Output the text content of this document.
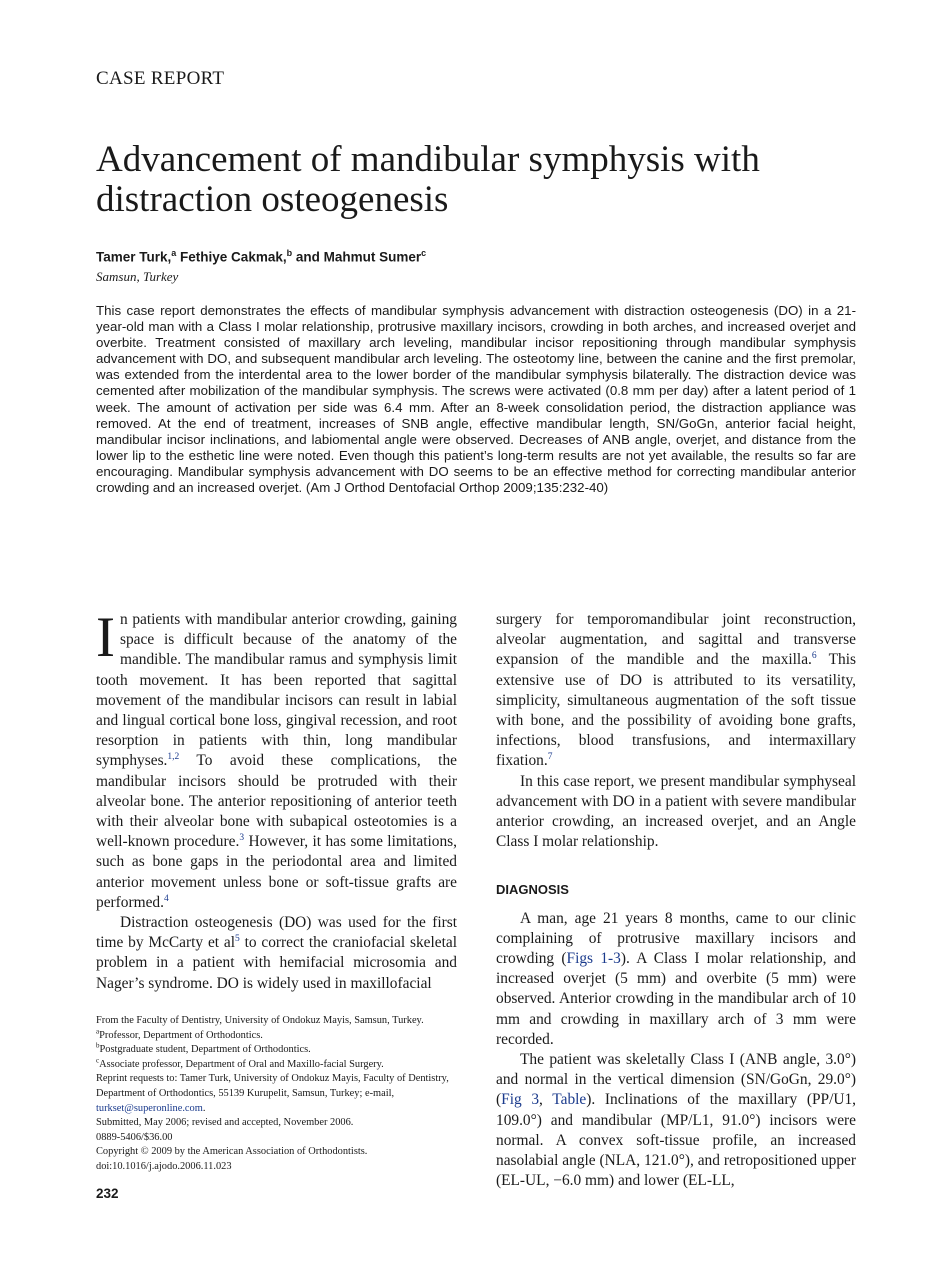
CASE REPORT
Advancement of mandibular symphysis with distraction osteogenesis
Tamer Turk,$^a$ Fethiye Cakmak,$^b$ and Mahmut Sumer$^c$
Samsun, Turkey

This case report demonstrates the effects of mandibular symphysis advancement with distraction osteogenesis (DO) in a 21-year-old man with a Class I molar relationship, protrusive maxillary incisors, crowding in both arches, and increased overjet and overbite. Treatment consisted of maxillary arch leveling, mandibular incisor repositioning through mandibular symphysis advancement with DO, and subsequent mandibular arch leveling. The osteotomy line, between the canine and the first premolar, was extended from the interdental area to the lower border of the mandibular symphysis bilaterally. The distraction device was cemented after mobilization of the mandibular symphysis. The screws were activated (0.8 mm per day) after a latent period of 1 week. The amount of activation per side was 6.4 mm. After an 8-week consolidation period, the distraction appliance was removed. At the end of treatment, increases of SNB angle, effective mandibular length, SN/GoGn, anterior facial height, mandibular incisor inclinations, and labiomental angle were observed. Decreases of ANB angle, overjet, and distance from the lower lip to the esthetic line were noted. Even though this patient’s long-term results are not yet available, the results so far are encouraging. Mandibular symphysis advancement with DO seems to be an effective method for correcting mandibular anterior crowding and an increased overjet. (Am J Orthod Dentofacial Orthop 2009;135:232-40)

In patients with mandibular anterior crowding, gaining space is difficult because of the anatomy of the mandible. The mandibular ramus and symphysis limit tooth movement. It has been reported that sagittal movement of the mandibular incisors can result in labial and lingual cortical bone loss, gingival recession, and root resorption in patients with thin, long mandibular symphyses.$^{1,2}$ To avoid these complications, the mandibular incisors should be protruded with their alveolar bone. The anterior repositioning of anterior teeth with their alveolar bone with subapical osteotomies is a well-known procedure.$^3$ However, it has some limitations, such as bone gaps in the periodontal area and limited anterior movement unless bone or soft-tissue grafts are performed.$^4$

Distraction osteogenesis (DO) was used for the first time by McCarty et $al^5$ to correct the craniofacial skeletal problem in a patient with hemifacial microsomia and Nager’s syndrome. DO is widely used in maxillofacial

surgery for temporomandibular joint reconstruction, alveolar augmentation, and sagittal and transverse expansion of the mandible and the maxilla.$^6$ This extensive use of DO is attributed to its versatility, simplicity, simultaneous augmentation of the soft tissue with bone, and the possibility of avoiding bone grafts, infections, blood transfusions, and intermaxillary fixation.$^7$

In this case report, we present mandibular symphyseal advancement with DO in a patient with severe mandibular anterior crowding, an increased overjet, and an Angle Class I molar relationship.

DIAGNOSIS

A man, age 21 years 8 months, came to our clinic complaining of protrusive maxillary incisors and crowding (Figs 1-3). A Class I molar relationship, and increased overjet (5 mm) and overbite (5 mm) were observed. Anterior crowding in the mandibular arch of 10 mm and crowding in maxillary arch of 3 mm were recorded.

The patient was skeletally Class I (ANB angle, 3.0°) and normal in the vertical dimension (SN/GoGn, 29.0°) (Fig 3, Table). Inclinations of the maxillary (PP/U1, 109.0°) and mandibular (MP/L1, 91.0°) incisors were normal. A convex soft-tissue profile, an increased nasolabial angle (NLA, 121.0°), and retropositioned upper (EL-UL, −6.0 mm) and lower (EL-LL,

From the Faculty of Dentistry, University of Ondokuz Mayis, Samsun, Turkey.
$^a$Professor, Department of Orthodontics.
$^b$Postgraduate student, Department of Orthodontics.
$^c$Associate professor, Department of Oral and Maxillo-facial Surgery.
Reprint requests to: Tamer Turk, University of Ondokuz Mayis, Faculty of Dentistry, Department of Orthodontics, 55139 Kurupelit, Samsun, Turkey; e-mail, turkset@superonline.com.
Submitted, May 2006; revised and accepted, November 2006.
0889-5406/$36.00
Copyright © 2009 by the American Association of Orthodontists.
doi:10.1016/j.ajodo.2006.11.023
232
